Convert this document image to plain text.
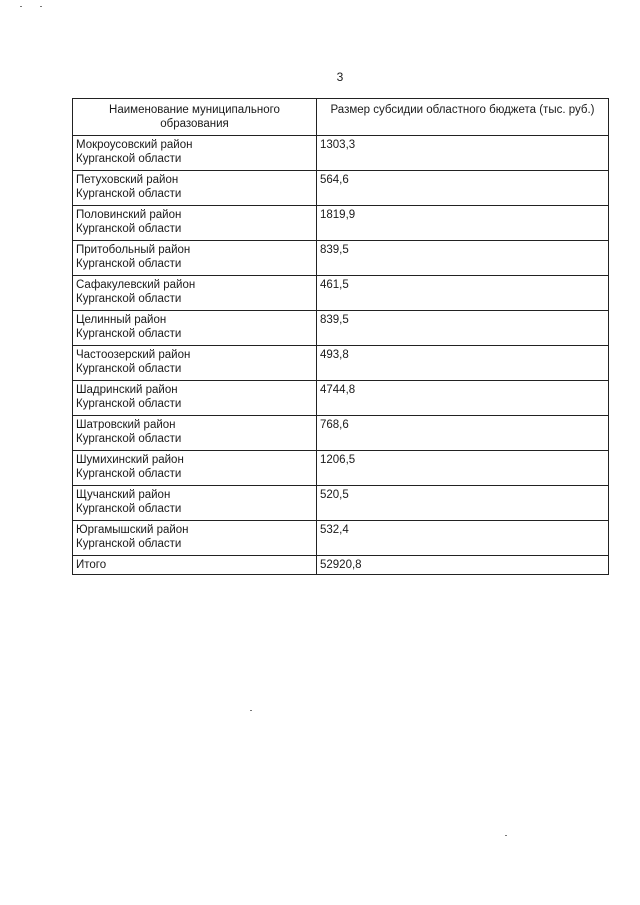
3
Наименование муниципального образования	Размер субсидии областного бюджета (тыс. руб.)

Мокроусовский район
Курганской области	1303,3

Петуховский район
Курганской области	564,6

Половинский район
Курганской области	1819,9

Притобольный район
Курганской области	839,5

Сафакулевский район
Курганской области	461,5

Целинный район
Курганской области	839,5

Частоозерский район
Курганской области	493,8

Шадринский район
Курганской области	4744,8

Шатровский район
Курганской области	768,6

Шумихинский район
Курганской области	1206,5

Щучанский район
Курганской области	520,5

Юргамышский район
Курганской области	532,4
Итого	52920,8
